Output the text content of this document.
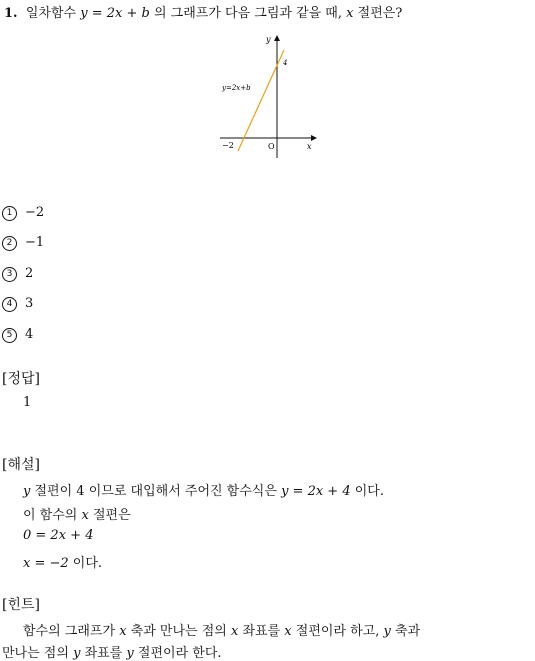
1. 일차함수 y = 2x + b 의 그래프가 다음 그림과 같을 때, x 절편은?
y
x
O
−2
4
y=2x+b
1 −2
2 −1
3 2
4 3
5 4
[정답]
1
[해설]
y 절편이 4 이므로 대입해서 주어진 함수식은 y = 2x + 4 이다.
이 함수의 x 절편은
0 = 2x + 4
x = −2 이다.
[힌트]
함수의 그래프가 x 축과 만나는 점의 x 좌표를 x 절편이라 하고, y 축과
만나는 점의 y 좌표를 y 절편이라 한다.
